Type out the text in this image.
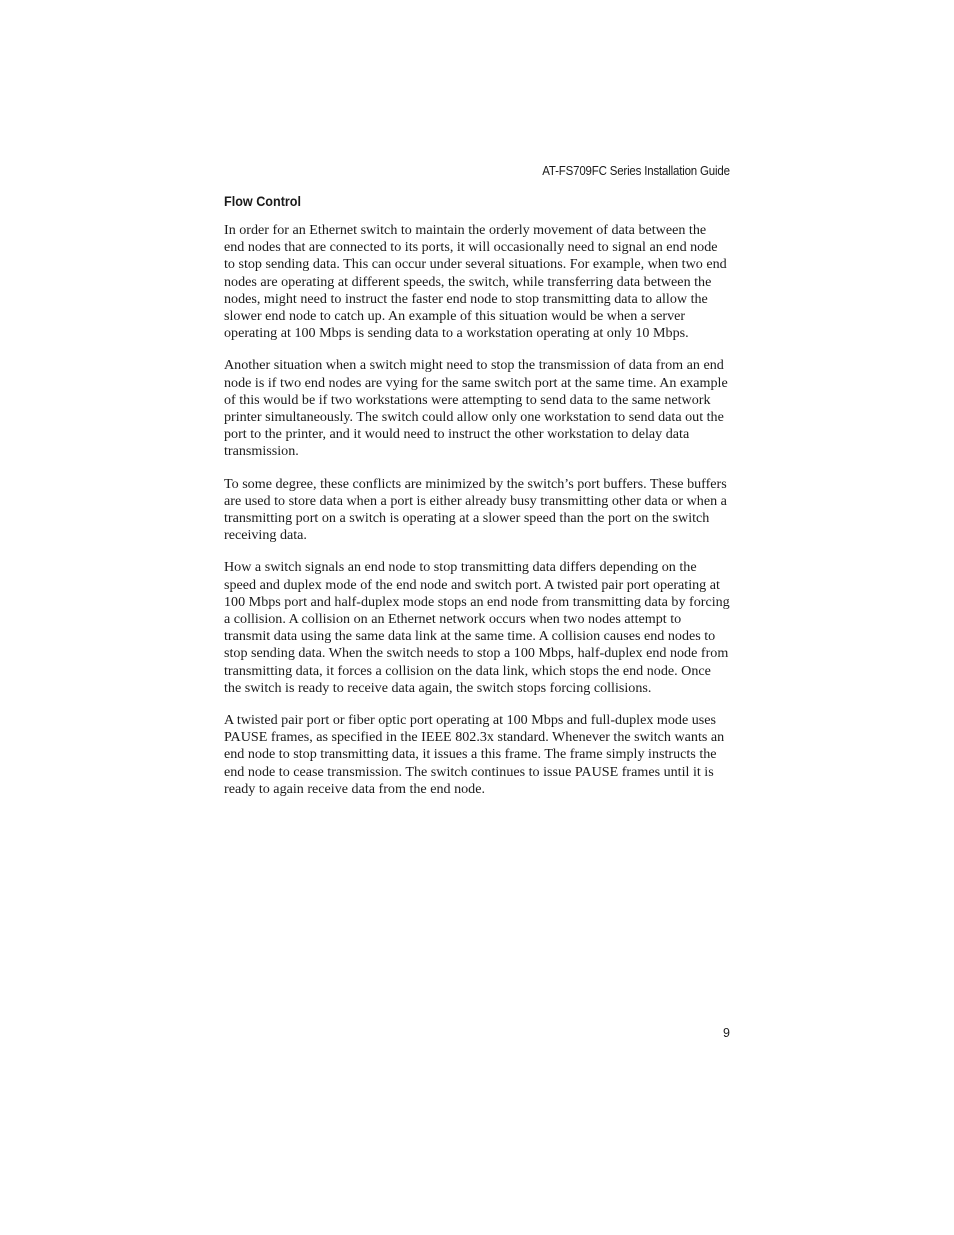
AT-FS709FC Series Installation Guide
Flow Control

In order for an Ethernet switch to maintain the orderly movement of data between the end nodes that are connected to its ports, it will occasionally need to signal an end node to stop sending data. This can occur under several situations. For example, when two end nodes are operating at different speeds, the switch, while transferring data between the nodes, might need to instruct the faster end node to stop transmitting data to allow the slower end node to catch up. An example of this situation would be when a server operating at 100 Mbps is sending data to a workstation operating at only 10 Mbps.

Another situation when a switch might need to stop the transmission of data from an end node is if two end nodes are vying for the same switch port at the same time. An example of this would be if two workstations were attempting to send data to the same network printer simultaneously. The switch could allow only one workstation to send data out the port to the printer, and it would need to instruct the other workstation to delay data transmission.

To some degree, these conflicts are minimized by the switch’s port buffers. These buffers are used to store data when a port is either already busy transmitting other data or when a transmitting port on a switch is operating at a slower speed than the port on the switch receiving data.

How a switch signals an end node to stop transmitting data differs depending on the speed and duplex mode of the end node and switch port. A twisted pair port operating at 100 Mbps port and half-duplex mode stops an end node from transmitting data by forcing a collision. A collision on an Ethernet network occurs when two nodes attempt to transmit data using the same data link at the same time. A collision causes end nodes to stop sending data. When the switch needs to stop a 100 Mbps, half-duplex end node from transmitting data, it forces a collision on the data link, which stops the end node. Once the switch is ready to receive data again, the switch stops forcing collisions.

A twisted pair port or fiber optic port operating at 100 Mbps and full-duplex mode uses PAUSE frames, as specified in the IEEE 802.3x standard. Whenever the switch wants an end node to stop transmitting data, it issues a this frame. The frame simply instructs the end node to cease transmission. The switch continues to issue PAUSE frames until it is ready to again receive data from the end node.

9
